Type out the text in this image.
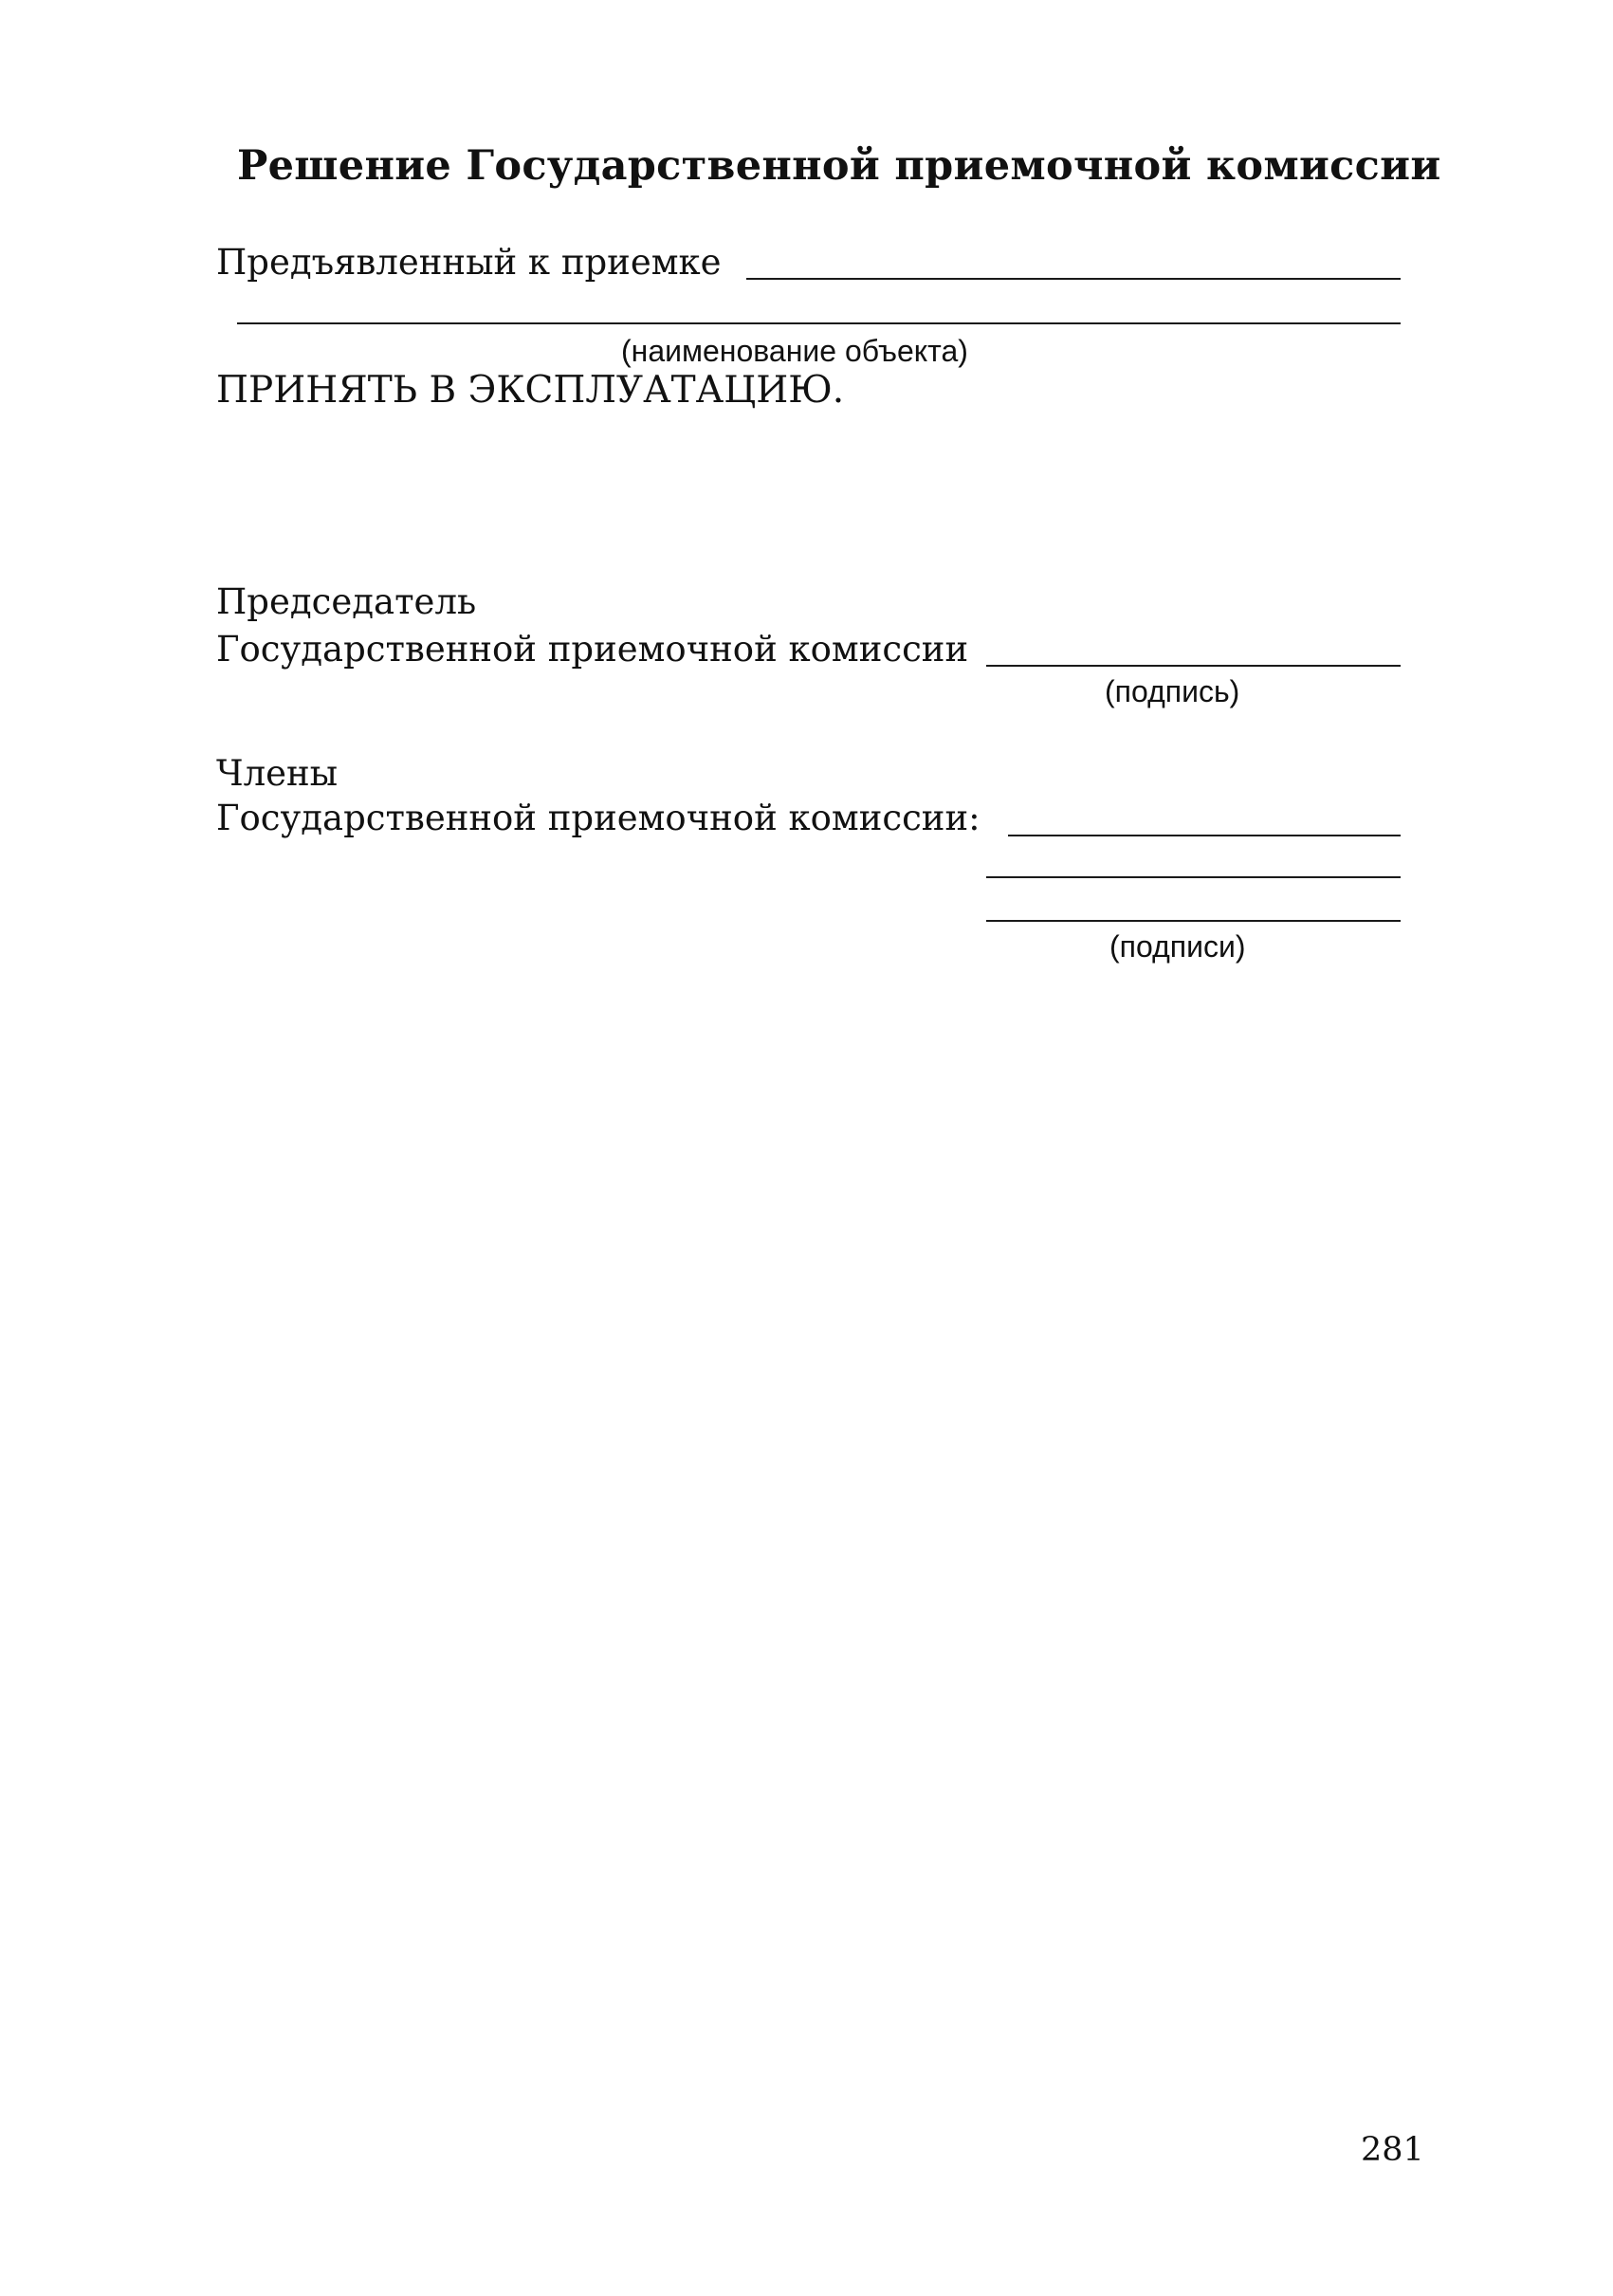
Решение Государственной приемочной комиссии
Предъявленный к приемке
(наименование объекта)
ПРИНЯТЬ В ЭКСПЛУАТАЦИЮ.
Председатель
Государственной приемочной комиссии
(подпись)
Члены
Государственной приемочной комиссии:
(подписи)
281
